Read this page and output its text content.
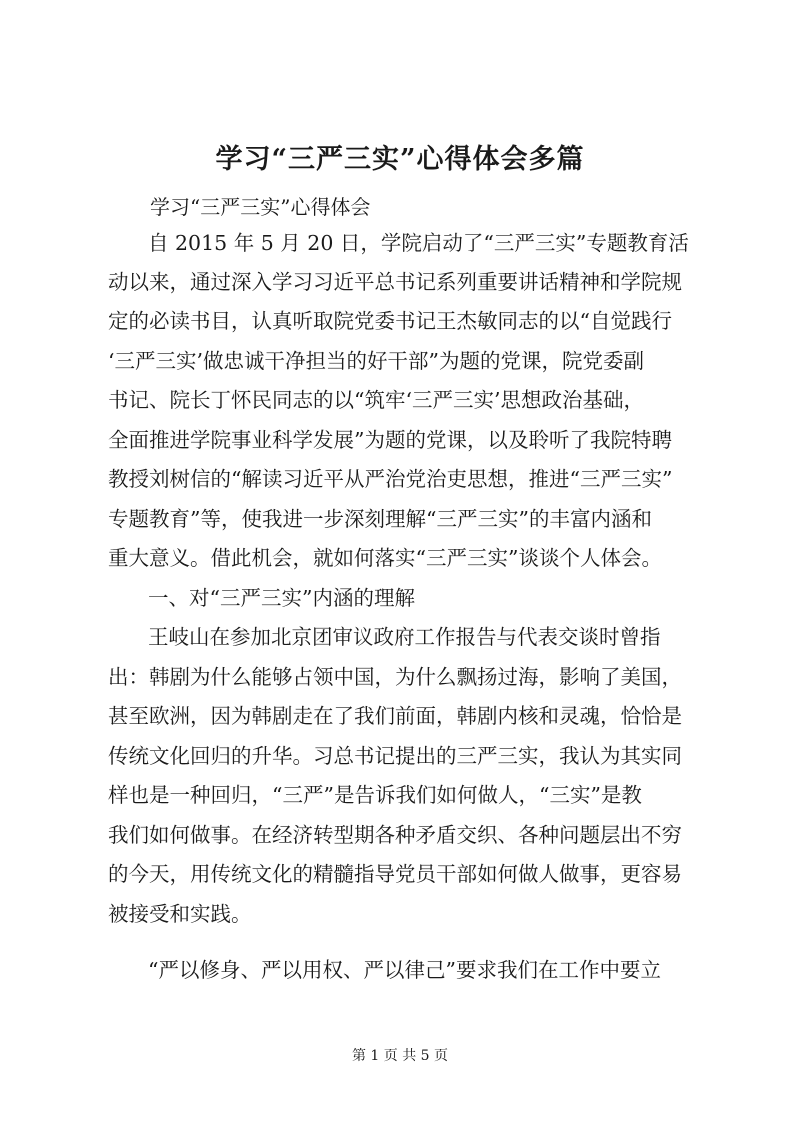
学习“三严三实”心得体会多篇
学习“三严三实”心得体会
自 2015 年 5 月 20 日，学院启动了“三严三实”专题教育活
动以来，通过深入学习习近平总书记系列重要讲话精神和学院规
定的必读书目，认真听取院党委书记王杰敏同志的以“自觉践行
‘三严三实’做忠诚干净担当的好干部”为题的党课，院党委副
书记、院长丁怀民同志的以“筑牢‘三严三实’思想政治基础，
全面推进学院事业科学发展”为题的党课，以及聆听了我院特聘
教授刘树信的“解读习近平从严治党治吏思想，推进“三严三实”
专题教育”等，使我进一步深刻理解“三严三实”的丰富内涵和
重大意义。借此机会，就如何落实“三严三实”谈谈个人体会。
一、对“三严三实”内涵的理解
王岐山在参加北京团审议政府工作报告与代表交谈时曾指
出：韩剧为什么能够占领中国，为什么飘扬过海，影响了美国，
甚至欧洲，因为韩剧走在了我们前面，韩剧内核和灵魂，恰恰是
传统文化回归的升华。习总书记提出的三严三实，我认为其实同
样也是一种回归，“三严”是告诉我们如何做人，“三实”是教
我们如何做事。在经济转型期各种矛盾交织、各种问题层出不穷
的今天，用传统文化的精髓指导党员干部如何做人做事，更容易
被接受和实践。
“严以修身、严以用权、严以律己”要求我们在工作中要立
第 1 页 共 5 页
